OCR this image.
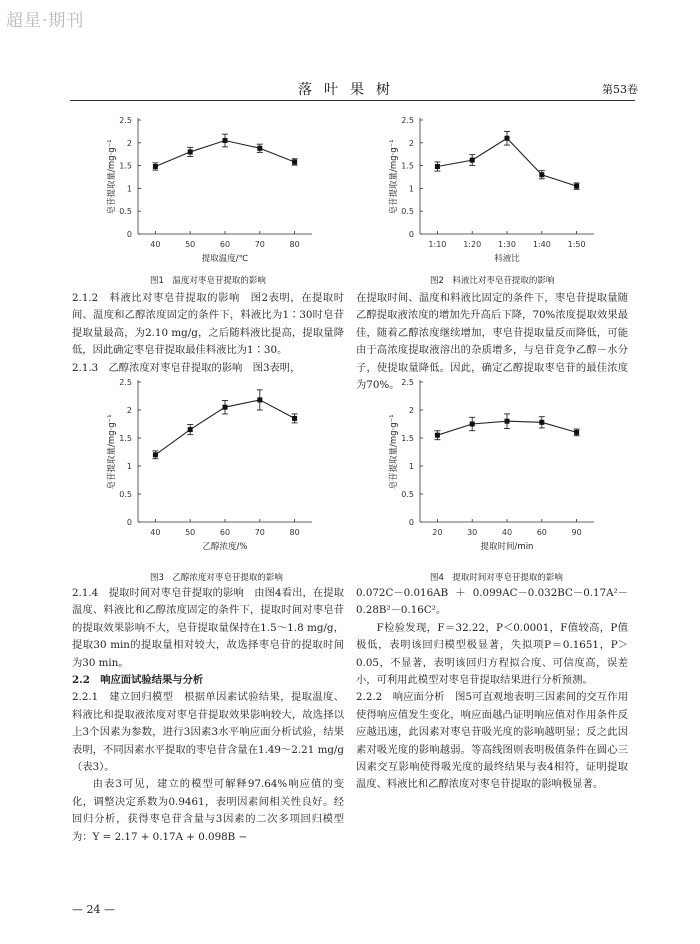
超星·期刊
落叶果树	第53卷
0
0.5
1
1.5
2
2.5
40	50	60	70	80
提取温度/℃
皂苷提取量/mg·g⁻¹
图1　温度对枣皂苷提取的影响
0
0.5
1
1.5
2
2.5
1:10 1:20 1:30 1:40 1:50
料液比
皂苷提取量/mg·g⁻¹
图2　料液比对枣皂苷提取的影响
0
0.5
1
1.5
2
2.5
40	50	60	70	80
乙醇浓度/%
皂苷提取量/mg·g⁻¹
图3　乙醇浓度对枣皂苷提取的影响
0
0.5
1
1.5
2
2.5
20	30	40	60	90
提取时间/min
皂苷提取量/mg·g⁻¹
图4　提取时间对枣皂苷提取的影响

2.1.2　料液比对枣皂苷提取的影响　图2表明，在提取时间、温度和乙醇浓度固定的条件下，料液比为1∶30时皂苷提取量最高，为2.10 mg/g，之后随料液比提高，提取量降低，因此确定枣皂苷提取最佳料液比为1∶30。

2.1.3　乙醇浓度对枣皂苷提取的影响　图3表明，

在提取时间、温度和料液比固定的条件下，枣皂苷提取量随乙醇提取液浓度的增加先升高后下降，70%浓度提取效果最佳，随着乙醇浓度继续增加，枣皂苷提取量反而降低，可能由于高浓度提取液溶出的杂质增多，与皂苷竞争乙醇－水分子，使提取量降低。因此，确定乙醇提取枣皂苷的最佳浓度为70%。

2.1.4　提取时间对枣皂苷提取的影响　由图4看出，在提取温度、料液比和乙醇浓度固定的条件下，提取时间对枣皂苷的提取效果影响不大，皂苷提取量保持在1.5～1.8 mg/g，提取30 min的提取量相对较大，故选择枣皂苷的提取时间为30 min。

2.2　响应面试验结果与分析

2.2.1　建立回归模型　根据单因素试验结果，提取温度、料液比和提取液浓度对枣皂苷提取效果影响较大，故选择以上3个因素为参数，进行3因素3水平响应面分析试验，结果表明，不同因素水平提取的枣皂苷含量在1.49～2.21 mg/g（表3）。

由表3可见，建立的模型可解释97.64%响应值的变化，调整决定系数为0.9461，表明因素间相关性良好。经回归分析，获得枣皂苷含量与3因素的二次多项回归模型为：Y = 2.17 + 0.17A + 0.098B −

0.072C－0.016AB＋0.099AC－0.032BC－0.17A²－0.28B²－0.16C²。

F检验发现，F＝32.22，P＜0.0001，F值较高，P值极低，表明该回归模型极显著，失拟项P＝0.1651，P＞0.05，不显著，表明该回归方程拟合度、可信度高，误差小，可利用此模型对枣皂苷提取结果进行分析预测。

2.2.2　响应面分析　图5可直观地表明三因素间的交互作用使得响应值发生变化，响应面越凸证明响应值对作用条件反应越迅速，此因素对枣皂苷吸光度的影响越明显；反之此因素对吸光度的影响越弱。等高线图则表明极值条件在圆心三因素交互影响使得吸光度的最终结果与表4相符，证明提取温度、料液比和乙醇浓度对枣皂苷提取的影响极显著。

— 24 —
